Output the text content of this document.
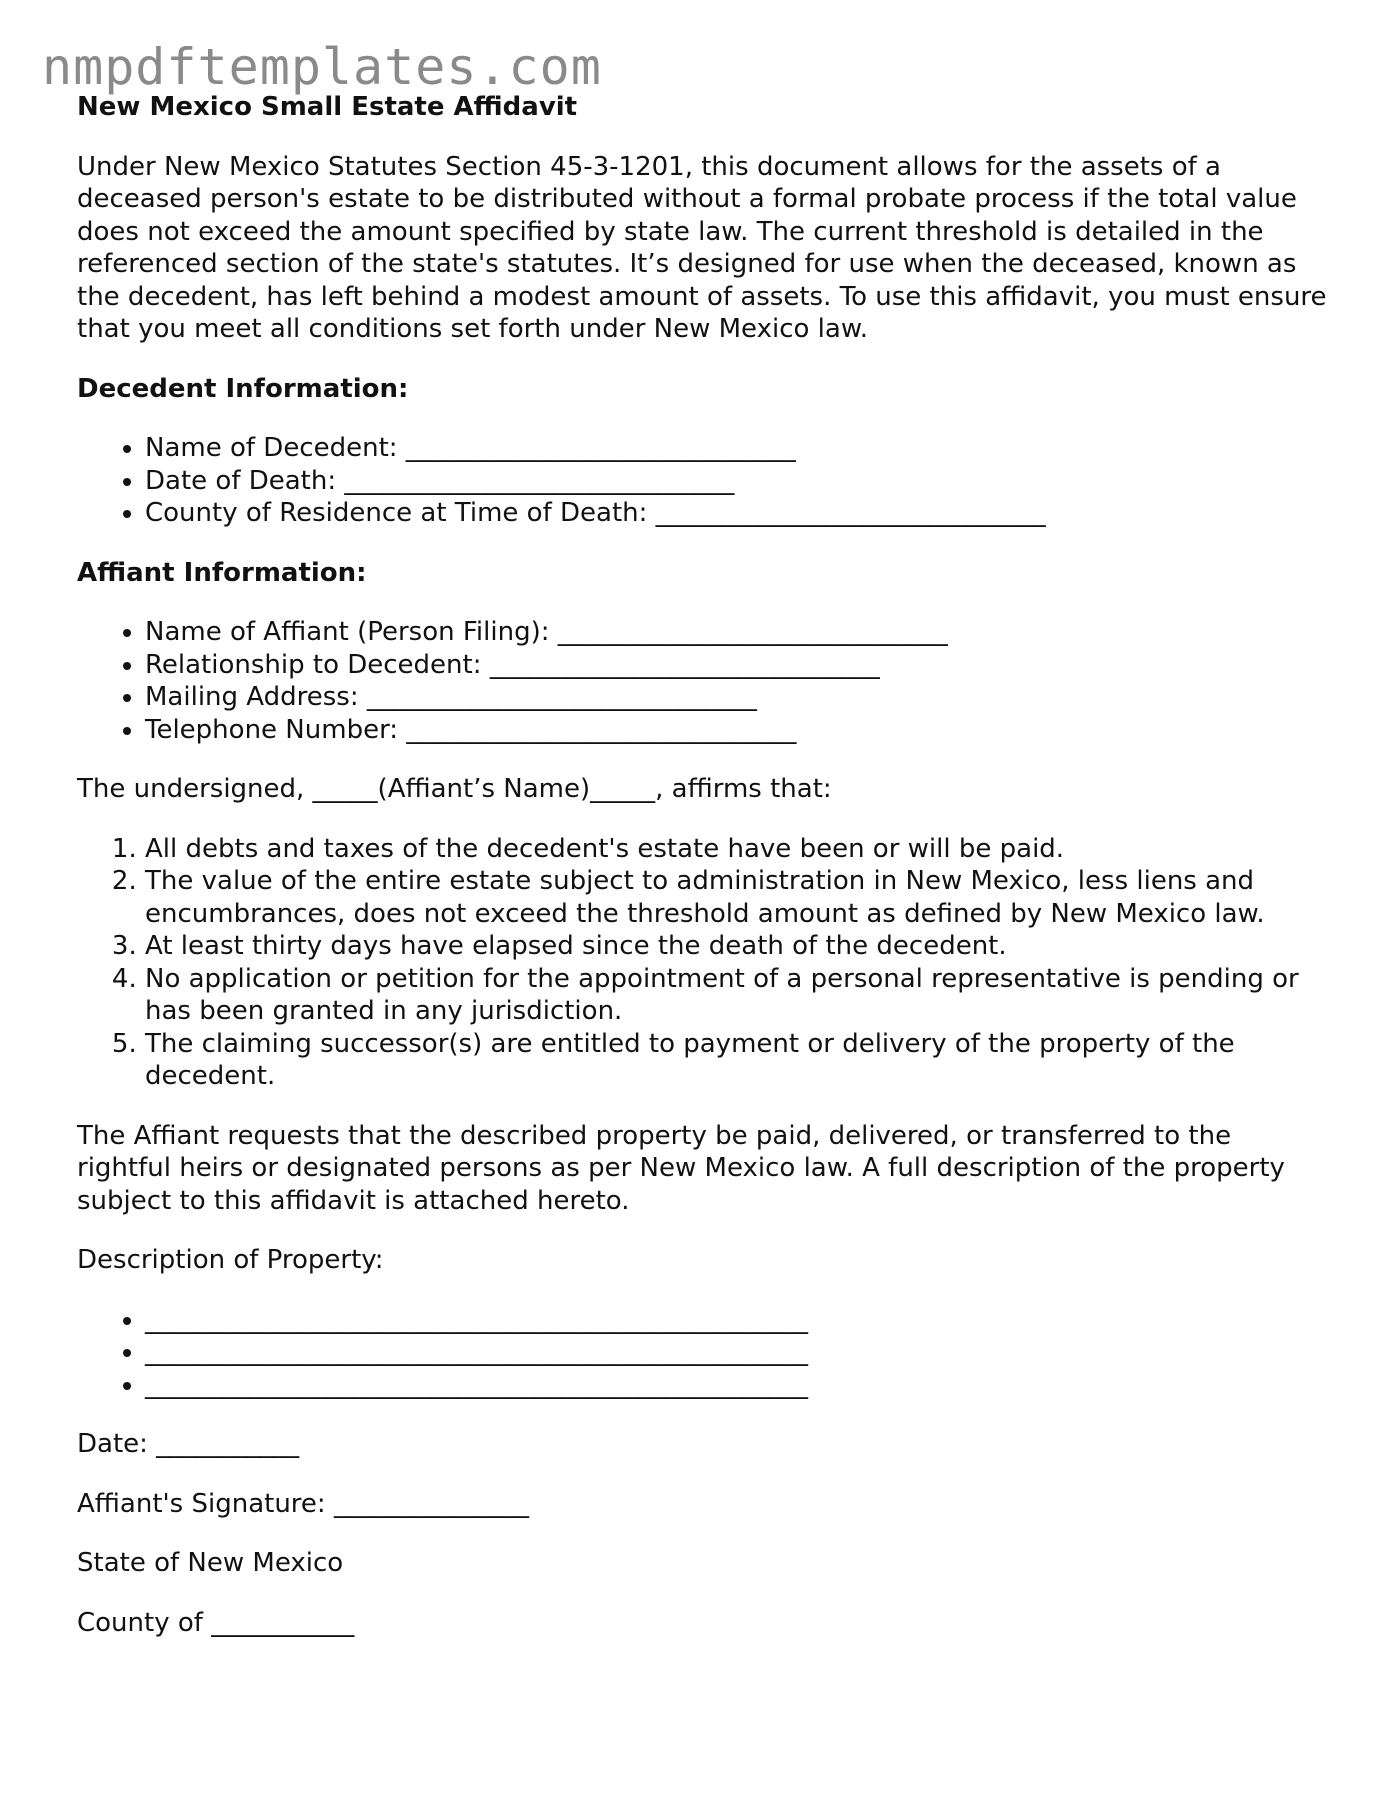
nmpdftemplates.com

New Mexico Small Estate Affidavit

Under New Mexico Statutes Section 45-3-1201, this document allows for the assets of a deceased person's estate to be distributed without a formal probate process if the total value does not exceed the amount specified by state law. The current threshold is detailed in the referenced section of the state's statutes. It’s designed for use when the deceased, known as the decedent, has left behind a modest amount of assets. To use this affidavit, you must ensure that you meet all conditions set forth under New Mexico law.

Decedent Information:
• Name of Decedent: ______________________________
• Date of Death: ______________________________
• County of Residence at Time of Death: ______________________________
Affiant Information:
• Name of Affiant (Person Filing): ______________________________
• Relationship to Decedent: ______________________________
• Mailing Address: ______________________________
• Telephone Number: ______________________________

The undersigned, _____(Affiant’s Name)_____, affirms that:

1. All debts and taxes of the decedent's estate have been or will be paid.
2. The value of the entire estate subject to administration in New Mexico, less liens and encumbrances, does not exceed the threshold amount as defined by New Mexico law.
3. At least thirty days have elapsed since the death of the decedent.
4. No application or petition for the appointment of a personal representative is pending or has been granted in any jurisdiction.
5. The claiming successor(s) are entitled to payment or delivery of the property of the decedent.

The Affiant requests that the described property be paid, delivered, or transferred to the rightful heirs or designated persons as per New Mexico law. A full description of the property subject to this affidavit is attached hereto.

Description of Property:

• ___________________________________________________
• ___________________________________________________
• ___________________________________________________

Date: ___________

Affiant's Signature: _______________

State of New Mexico

County of ___________
